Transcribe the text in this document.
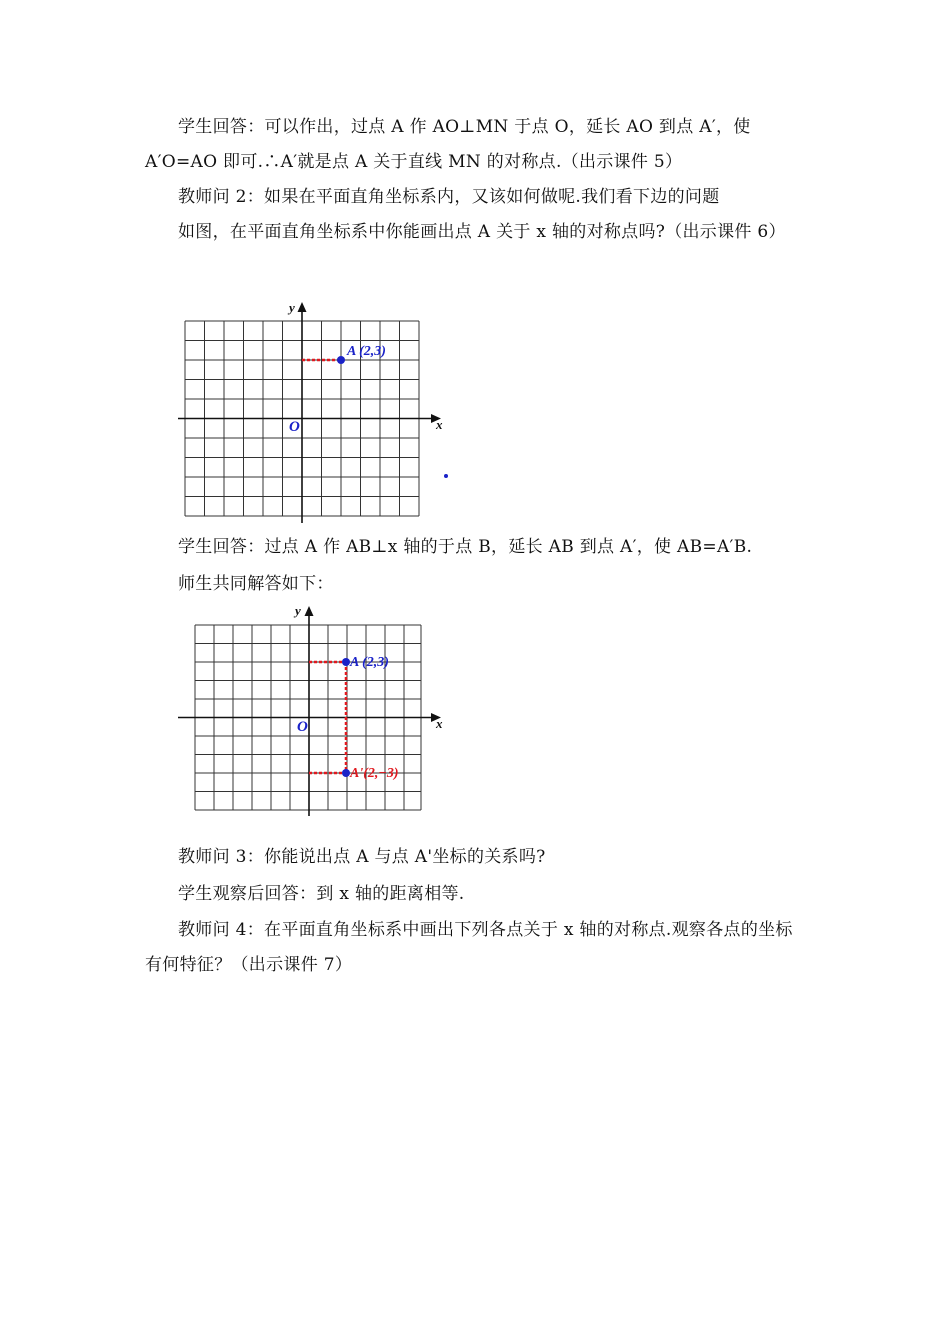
学生回答：可以作出，过点 A 作 AO⊥MN 于点 O，延长 AO 到点 A′，使 A′O=AO 即可.∴A′就是点 A 关于直线 MN 的对称点.（出示课件 5）

教师问 2：如果在平面直角坐标系内，又该如何做呢.我们看下边的问题

如图，在平面直角坐标系中你能画出点 A 关于 x 轴的对称点吗?（出示课件 6）

y
x
O
A (2,3)

学生回答：过点 A 作 AB⊥x 轴的于点 B，延长 AB 到点 A′，使 AB=A′B.

师生共同解答如下：

y
x
O
A (2,3)
A'(2,−3)

教师问 3：你能说出点 A 与点 A'坐标的关系吗?

学生观察后回答：到 x 轴的距离相等.

教师问 4：在平面直角坐标系中画出下列各点关于 x 轴的对称点.观察各点的坐标有何特征？（出示课件 7）
